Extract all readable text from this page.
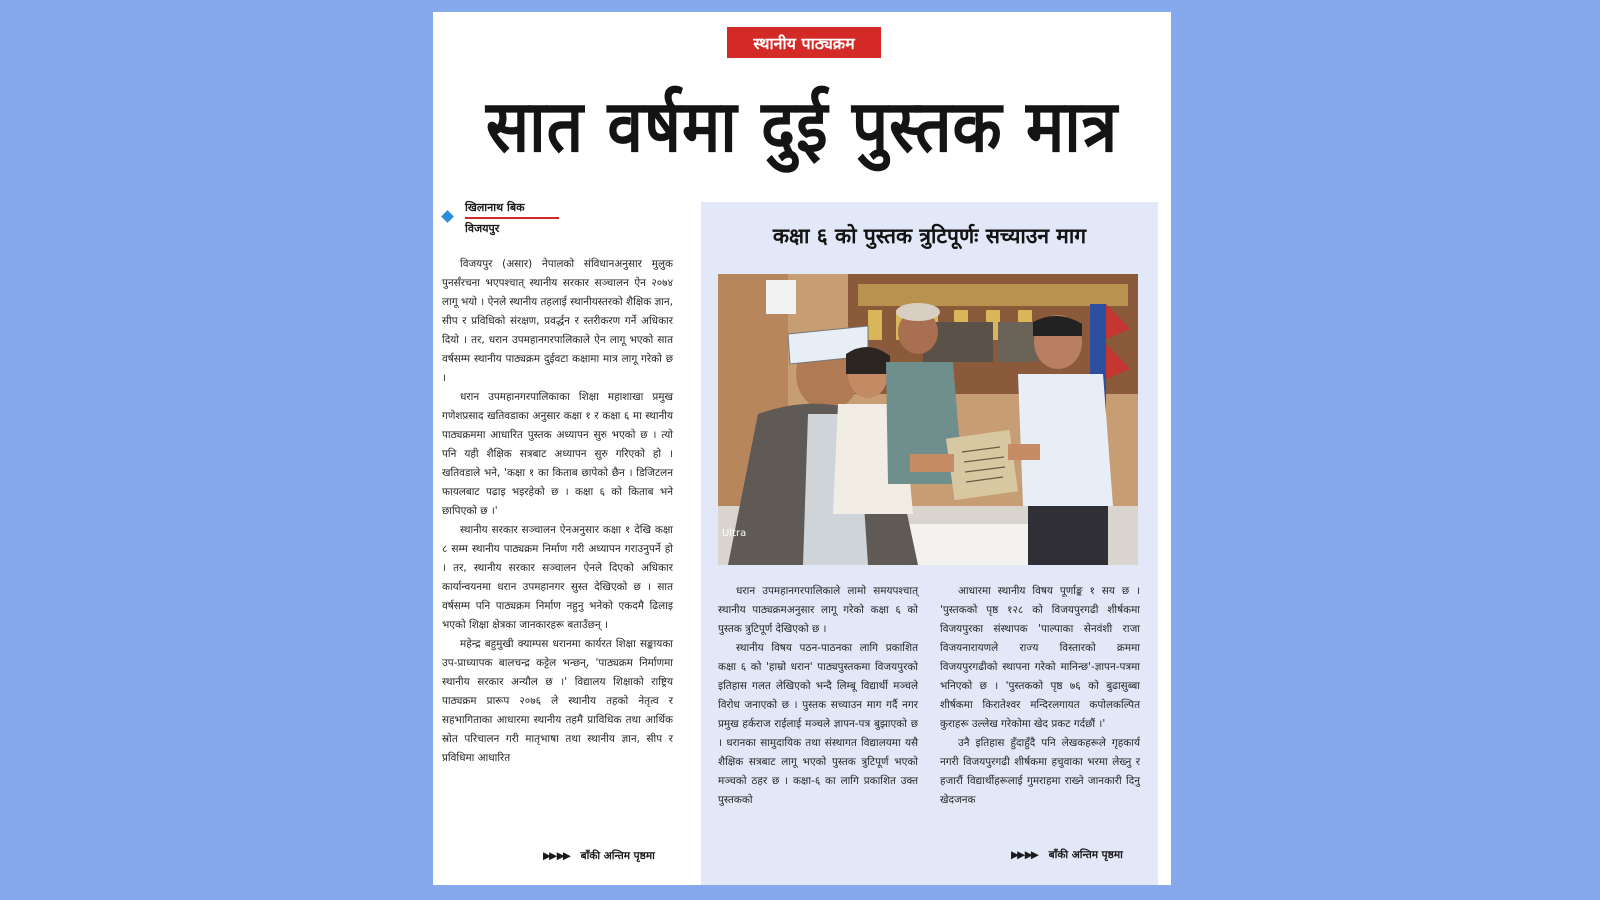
स्थानीय पाठ्यक्रम
सात वर्षमा दुई पुस्तक मात्र
खिलानाथ बिक
विजयपुर

विजयपुर (असार) नेपालको संविधानअनुसार मुलुक पुनर्संरचना भएपश्चात् स्थानीय सरकार सञ्चालन ऐन २०७४ लागू भयो । ऐनले स्थानीय तहलाई स्थानीयस्तरको शैक्षिक ज्ञान, सीप र प्रविधिको संरक्षण, प्रवर्द्धन र स्तरीकरण गर्ने अधिकार दियो । तर, धरान उपमहानगरपालिकाले ऐन लागू भएको सात वर्षसम्म स्थानीय पाठ्यक्रम दुईवटा कक्षामा मात्र लागू गरेको छ ।

धरान उपमहानगरपालिकाका शिक्षा महाशाखा प्रमुख गणेशप्रसाद खतिवडाका अनुसार कक्षा १ र कक्षा ६ मा स्थानीय पाठ्यक्रममा आधारित पुस्तक अध्यापन सुरु भएको छ । त्यो पनि यही शैक्षिक सत्रबाट अध्यापन सुरु गरिएको हो । खतिवडाले भने, 'कक्षा १ का किताब छापेको छैन । डिजिटलन फायलबाट पढाइ भइरहेको छ । कक्षा ६ को किताब भने छापिएको छ ।'

स्थानीय सरकार सञ्चालन ऐनअनुसार कक्षा १ देखि कक्षा ८ सम्म स्थानीय पाठ्यक्रम निर्माण गरी अध्यापन गराउनुपर्ने हो । तर, स्थानीय सरकार सञ्चालन ऐनले दिएको अधिकार कार्यान्वयनमा धरान उपमहानगर सुस्त देखिएको छ । सात वर्षसम्म पनि पाठ्यक्रम निर्माण नहुनु भनेको एकदमै ढिलाइ भएको शिक्षा क्षेत्रका जानकारहरू बताउँछन् ।

महेन्द्र बहुमुखी क्याम्पस धरानमा कार्यरत शिक्षा सङ्कायका उप-प्राध्यापक बालचन्द्र कट्टेल भन्छन्, 'पाठ्यक्रम निर्माणमा स्थानीय सरकार अन्यौल छ ।' विद्यालय शिक्षाको राष्ट्रिय पाठ्यक्रम प्रारूप २०७६ ले स्थानीय तहको नेतृत्व र सहभागिताका आधारमा स्थानीय तहमै प्राविधिक तथा आर्थिक स्रोत परिचालन गरी मातृभाषा तथा स्थानीय ज्ञान, सीप र प्रविधिमा आधारित

▶▶ ▶▶ बाँकी अन्तिम पृष्ठमा
कक्षा ६ को पुस्तक त्रुटिपूर्णः सच्याउन माग
Ultra

धरान उपमहानगरपालिकाले लामो समयपश्चात् स्थानीय पाठ्यक्रमअनुसार लागू गरेको कक्षा ६ को पुस्तक त्रुटिपूर्ण देखिएको छ ।

स्थानीय विषय पठन-पाठनका लागि प्रकाशित कक्षा ६ को 'हाम्रो धरान' पाठ्यपुस्तकमा विजयपुरको इतिहास गलत लेखिएको भन्दै लिम्बू विद्यार्थी मञ्चले विरोध जनाएको छ । पुस्तक सच्याउन माग गर्दै नगर प्रमुख हर्कराज राईलाई मञ्चले ज्ञापन-पत्र बुझाएको छ । धरानका सामुदायिक तथा संस्थागत विद्यालयमा यसै शैक्षिक सत्रबाट लागू भएको पुस्तक त्रुटिपूर्ण भएको मञ्चको ठहर छ । कक्षा-६ का लागि प्रकाशित उक्त पुस्तकको

आधारमा स्थानीय विषय पूर्णाङ्क १ सय छ । 'पुस्तकको पृष्ठ १२८ को विजयपुरगढी शीर्षकमा विजयपुरका संस्थापक 'पाल्पाका सेनवंशी राजा विजयनारायणले राज्य विस्तारको क्रममा विजयपुरगढीको स्थापना गरेको मानिन्छ'-ज्ञापन-पत्रमा भनिएको छ । 'पुस्तकको पृष्ठ ७६ को बुढासुब्बा शीर्षकमा किरातेश्वर मन्दिरलगायत कपोलकल्पित कुराहरू उल्लेख गरेकोमा खेद प्रकट गर्दछौं ।'

उनै इतिहास हुँदाहुँदै पनि लेखकहरूले गृहकार्य नगरी विजयपुरगढी शीर्षकमा हचुवाका भरमा लेख्नु र हजारौं विद्यार्थीहरूलाई गुमराहमा राख्ने जानकारी दिनु खेदजनक

▶▶ ▶▶ बाँकी अन्तिम पृष्ठमा
